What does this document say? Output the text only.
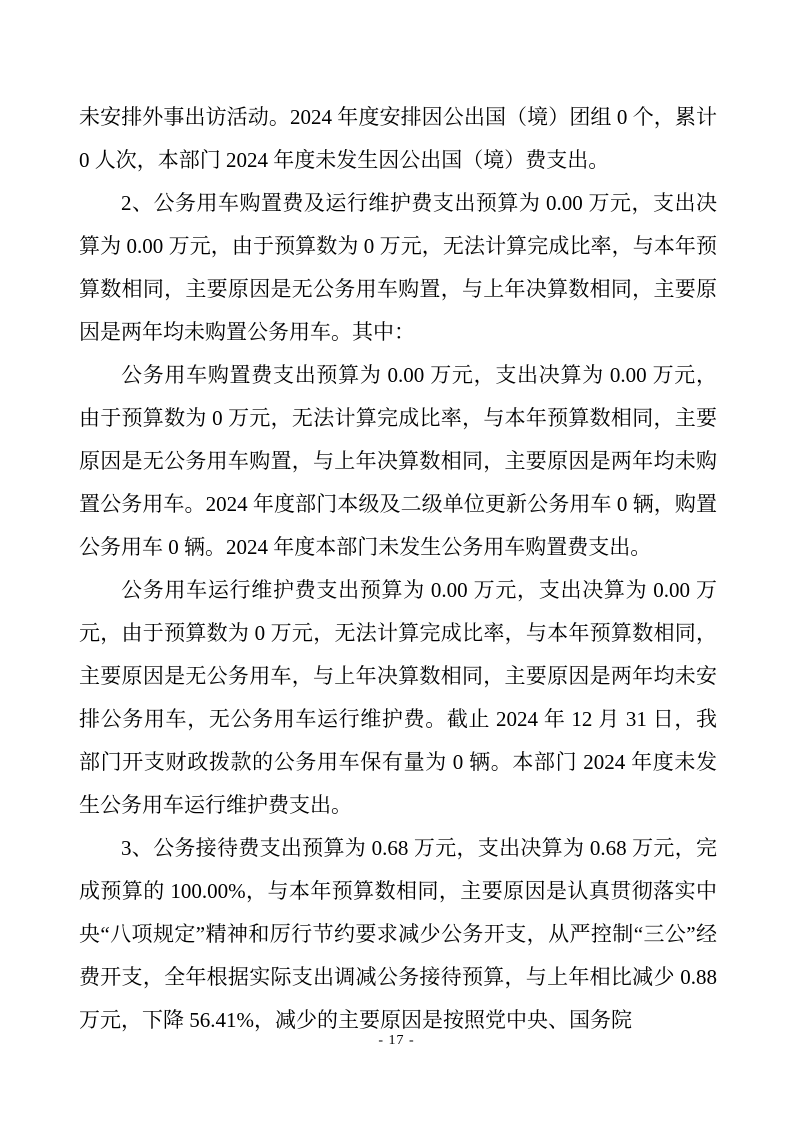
未安排外事出访活动。2024 年度安排因公出国（境）团组 0 个，累计 0 人次，本部门 2024 年度未发生因公出国（境）费支出。

2、公务用车购置费及运行维护费支出预算为 0.00 万元，支出决算为 0.00 万元，由于预算数为 0 万元，无法计算完成比率，与本年预算数相同，主要原因是无公务用车购置，与上年决算数相同，主要原因是两年均未购置公务用车。其中：

公务用车购置费支出预算为 0.00 万元，支出决算为 0.00 万元，由于预算数为 0 万元，无法计算完成比率，与本年预算数相同，主要原因是无公务用车购置，与上年决算数相同，主要原因是两年均未购置公务用车。2024 年度部门本级及二级单位更新公务用车 0 辆，购置公务用车 0 辆。2024 年度本部门未发生公务用车购置费支出。

公务用车运行维护费支出预算为 0.00 万元，支出决算为 0.00 万元，由于预算数为 0 万元，无法计算完成比率，与本年预算数相同，主要原因是无公务用车，与上年决算数相同，主要原因是两年均未安排公务用车，无公务用车运行维护费。截止 2024 年 12 月 31 日，我部门开支财政拨款的公务用车保有量为 0 辆。本部门 2024 年度未发生公务用车运行维护费支出。

3、公务接待费支出预算为 0.68 万元，支出决算为 0.68 万元，完成预算的 100.00%，与本年预算数相同，主要原因是认真贯彻落实中央“八项规定”精神和厉行节约要求减少公务开支，从严控制“三公”经费开支，全年根据实际支出调减公务接待预算，与上年相比减少 0.88 万元，下降 56.41%，减少的主要原因是按照党中央、国务院

- 17 -
